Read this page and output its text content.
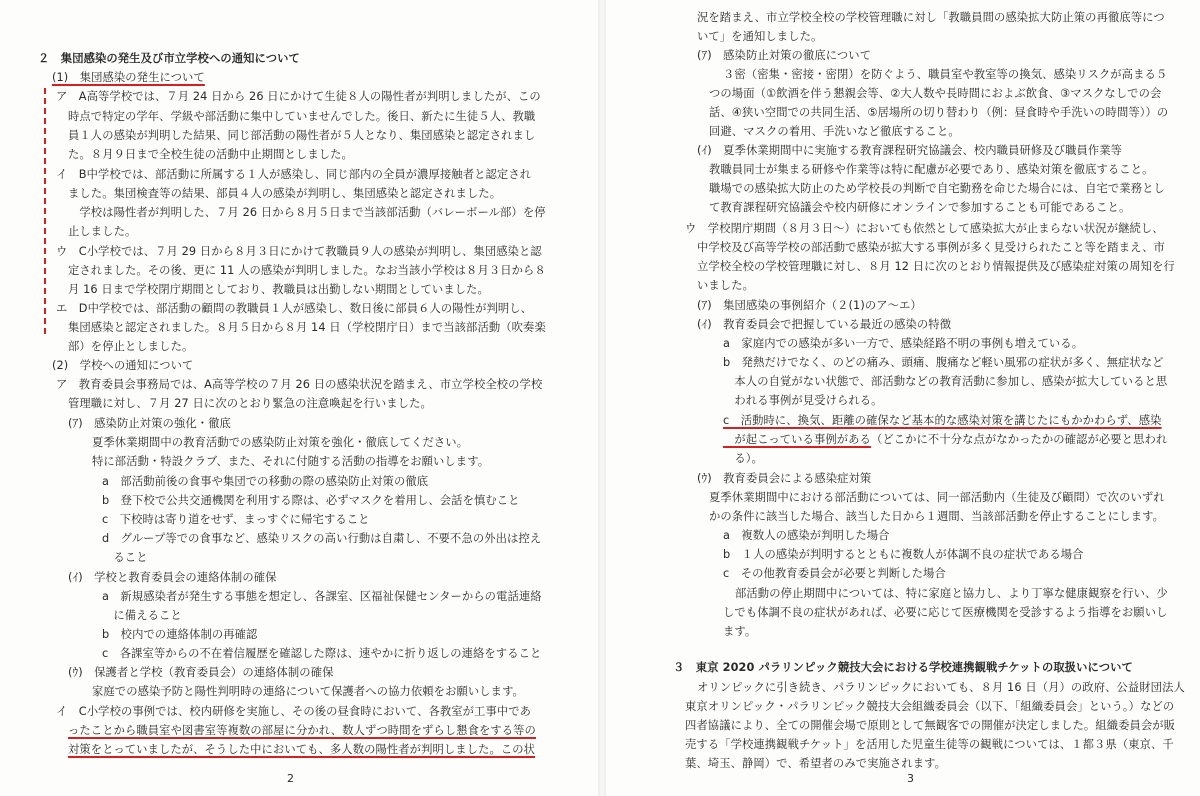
２　集団感染の発生及び市立学校への通知について
(1)　集団感染の発生について
ア　A高等学校では、７月 24 日から 26 日にかけて生徒８人の陽性者が判明しましたが、この
時点で特定の学年、学級や部活動に集中していませんでした。後日、新たに生徒５人、教職
員１人の感染が判明した結果、同じ部活動の陽性者が５人となり、集団感染と認定されまし
た。８月９日まで全校生徒の活動中止期間としました。
イ　B中学校では、部活動に所属する１人が感染し、同じ部内の全員が濃厚接触者と認定され
ました。集団検査等の結果、部員４人の感染が判明し、集団感染と認定されました。
　学校は陽性者が判明した、７月 26 日から８月５日まで当該部活動（バレーボール部）を停
止しました。
ウ　C小学校では、７月 29 日から８月３日にかけて教職員９人の感染が判明し、集団感染と認
定されました。その後、更に 11 人の感染が判明しました。なお当該小学校は８月３日から８
月 16 日まで学校閉庁期間としており、教職員は出勤しない期間としていました。
エ　D中学校では、部活動の顧問の教職員１人が感染し、数日後に部員６人の陽性が判明し、
集団感染と認定されました。８月５日から８月 14 日（学校閉庁日）まで当該部活動（吹奏楽
部）を停止としました。
(2)　学校への通知について
ア　教育委員会事務局では、A高等学校の７月 26 日の感染状況を踏まえ、市立学校全校の学校
管理職に対し、７月 27 日に次のとおり緊急の注意喚起を行いました。
(ｱ)　感染防止対策の強化・徹底
夏季休業期間中の教育活動での感染防止対策を強化・徹底してください。
特に部活動・特設クラブ、また、それに付随する活動の指導をお願いします。
a　部活動前後の食事や集団での移動の際の感染防止対策の徹底
b　登下校で公共交通機関を利用する際は、必ずマスクを着用し、会話を慎むこと
c　下校時は寄り道をせず、まっすぐに帰宅すること
d　グループ等での食事など、感染リスクの高い行動は自粛し、不要不急の外出は控え
　ること
(ｲ)　学校と教育委員会の連絡体制の確保
a　新規感染者が発生する事態を想定し、各課室、区福祉保健センターからの電話連絡
　に備えること
b　校内での連絡体制の再確認
c　各課室等からの不在着信履歴を確認した際は、速やかに折り返しの連絡をすること
(ｳ)　保護者と学校（教育委員会）の連絡体制の確保
家庭での感染予防と陽性判明時の連絡について保護者への協力依頼をお願いします。
イ　C小学校の事例では、校内研修を実施し、その後の昼食時において、各教室が工事中であ
ったことから職員室や図書室等複数の部屋に分かれ、数人ずつ時間をずらし懇食をする等の
対策をとっていましたが、そうした中においても、多人数の陽性者が判明しました。この状
2
況を踏まえ、市立学校全校の学校管理職に対し「教職員間の感染拡大防止策の再徹底等につ
いて」を通知しました。
(ｱ)　感染防止対策の徹底について
３密（密集・密接・密閉）を防ぐよう、職員室や教室等の換気、感染リスクが高まる５
つの場面（①飲酒を伴う懇親会等、②大人数や長時間におよぶ飲食、③マスクなしでの会
話、④狭い空間での共同生活、⑤居場所の切り替わり（例：昼食時や手洗いの時間等））の
回避、マスクの着用、手洗いなど徹底すること。
(ｲ)　夏季休業期間中に実施する教育課程研究協議会、校内職員研修及び職員作業等
教職員同士が集まる研修や作業等は特に配慮が必要であり、感染対策を徹底すること。
職場での感染拡大防止のため学校長の判断で自宅勤務を命じた場合には、自宅で業務とし
て教育課程研究協議会や校内研修にオンラインで参加することも可能であること。
ウ　学校閉庁期間（８月３日〜）においても依然として感染拡大が止まらない状況が継続し、
中学校及び高等学校の部活動で感染が拡大する事例が多く見受けられたこと等を踏まえ、市
立学校全校の学校管理職に対し、８月 12 日に次のとおり情報提供及び感染症対策の周知を行
いました。
(ｱ)　集団感染の事例紹介（２(1)のア〜エ）
(ｲ)　教育委員会で把握している最近の感染の特徴
a　家庭内での感染が多い一方で、感染経路不明の事例も増えている。
b　発熱だけでなく、のどの痛み、頭痛、腹痛など軽い風邪の症状が多く、無症状など
　本人の自覚がない状態で、部活動などの教育活動に参加し、感染が拡大していると思
　われる事例が見受けられる。
c　活動時に、換気、距離の確保など基本的な感染対策を講じたにもかかわらず、感染
　が起こっている事例がある（どこかに不十分な点がなかったかの確認が必要と思われ
　る）。
(ｳ)　教育委員会による感染症対策
夏季休業期間中における部活動については、同一部活動内（生徒及び顧問）で次のいずれ
かの条件に該当した場合、該当した日から１週間、当該部活動を停止することにします。
a　複数人の感染が判明した場合
b　１人の感染が判明するとともに複数人が体調不良の症状である場合
c　その他教育委員会が必要と判断した場合
部活動の停止期間中については、特に家庭と協力し、より丁寧な健康観察を行い、少
しでも体調不良の症状があれば、必要に応じて医療機関を受診するよう指導をお願いし
ます。
３　東京 2020 パラリンピック競技大会における学校連携観戦チケットの取扱いについて
オリンピックに引き続き、パラリンピックにおいても、８月 16 日（月）の政府、公益財団法人
東京オリンピック・パラリンピック競技大会組織委員会（以下、「組織委員会」という。）などの
四者協議により、全ての開催会場で原則として無観客での開催が決定しました。組織委員会が販
売する「学校連携観戦チケット」を活用した児童生徒等の観戦については、１都３県（東京、千
葉、埼玉、静岡）で、希望者のみで実施されます。
3
